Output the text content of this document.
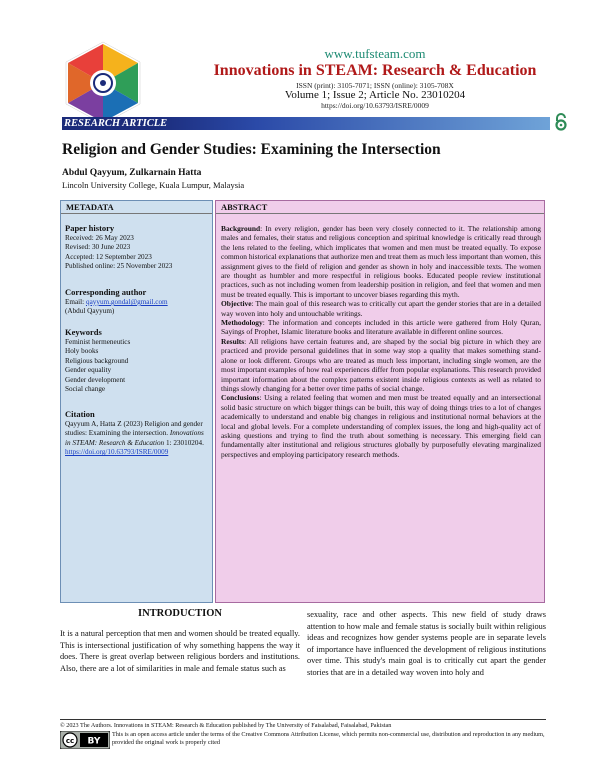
www.tufsteam.com
Innovations in STEAM: Research & Education
ISSN (print): 3105-7071; ISSN (online): 3105-708X
Volume 1; Issue 2; Article No. 23010204
https://doi.org/10.63793/ISRE/0009
RESEARCH ARTICLE
Religion and Gender Studies: Examining the Intersection
Abdul Qayyum, Zulkarnain Hatta
Lincoln University College, Kuala Lumpur, Malaysia
METADATA
Paper history
Received: 26 May 2023
Revised: 30 June 2023
Accepted: 12 September 2023
Published online: 25 November 2023
Corresponding author
Email: qayyum.gondal@gmail.com
(Abdul Qayyum)
Keywords
Feminist hermeneutics
Holy books
Religious background
Gender equality
Gender development
Social change
Citation
Qayyum A, Hatta Z (2023) Religion and gender studies: Examining the intersection. Innovations in STEAM: Research & Education 1: 23010204.
https://doi.org/10.63793/ISRE/0009
ABSTRACT

Background: In every religion, gender has been very closely connected to it. The relationship among males and females, their status and religious conception and spiritual knowledge is critically read through the lens related to the feeling, which implicates that women and men must be treated equally. To expose common historical explanations that authorize men and treat them as much less important than women, this assignment gives to the field of religion and gender as shown in holy and inaccessible texts. The women are thought as humbler and more respectful in religious books. Educated people review institutional practices, such as not including women from leadership position in religion, and feel that women and men must be treated equally. This is important to uncover biases regarding this myth.

Objective: The main goal of this research was to critically cut apart the gender stories that are in a detailed way woven into holy and untouchable writings.

Methodology: The information and concepts included in this article were gathered from Holy Quran, Sayings of Prophet, Islamic literature books and literature available in different online sources.

Results: All religions have certain features and, are shaped by the social big picture in which they are practiced and provide personal guidelines that in some way stop a quality that makes something stand-alone or look different. Groups who are treated as much less important, including single women, are the most important examples of how real experiences differ from popular explanations. This research provided important information about the complex patterns existent inside religious contexts as well as related to things slowly changing for a better over time paths of social change.

Conclusions: Using a related feeling that women and men must be treated equally and an intersectional solid basic structure on which bigger things can be built, this way of doing things tries to a lot of changes academically to understand and enable big changes in religious and institutional normal behaviors at the local and global levels. For a complete understanding of complex issues, the long and high-quality act of asking questions and trying to find the truth about something is necessary. This emerging field can fundamentally alter institutional and religious structures globally by purposefully elevating marginalized perspectives and employing participatory research methods.

INTRODUCTION
It is a natural perception that men and women should be treated equally. This is intersectional justification of why something happens the way it does. There is great overlap between religious borders and institutions. Also, there are a lot of similarities in male and female status such as
sexuality, race and other aspects. This new field of study draws attention to how male and female status is socially built within religious ideas and recognizes how gender systems people are in separate levels of importance have influenced the development of religious institutions over time. This study's main goal is to critically cut apart the gender stories that are in a detailed way woven into holy and
© 2023 The Authors. Innovations in STEAM: Research & Education published by The University of Faisalabad, Faisalabad, Pakistan
cc BY
This is an open access article under the terms of the Creative Commons Attribution License, which permits non-commercial use, distribution and reproduction in any medium, provided the original work is properly cited
